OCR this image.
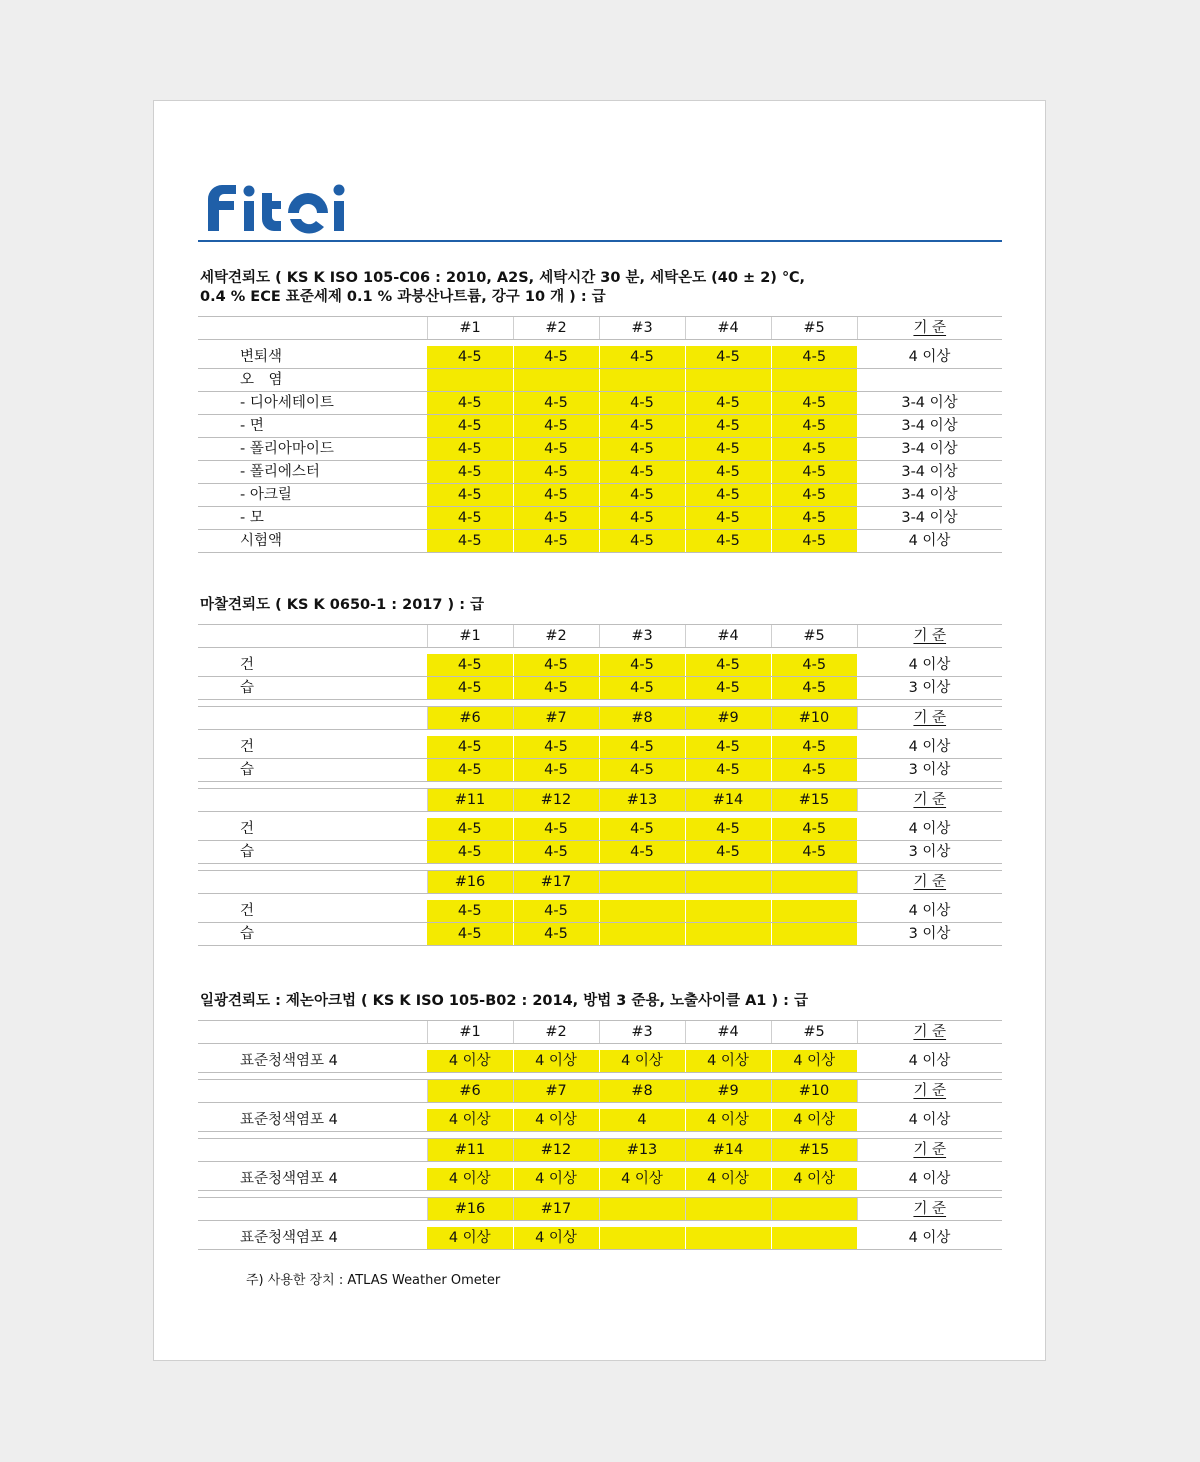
세탁견뢰도 ( KS K ISO 105-C06 : 2010, A2S, 세탁시간 30 분, 세탁온도 (40 ± 2) ℃,
0.4 % ECE 표준세제 0.1 % 과붕산나트륨, 강구 10 개 ) : 급
	#1	#2	#3	#4	#5	기 준

변퇴색	4-5	4-5	4-5	4-5	4-5	4 이상
오　염						
- 디아세테이트	4-5	4-5	4-5	4-5	4-5	3-4 이상
- 면	4-5	4-5	4-5	4-5	4-5	3-4 이상
- 폴리아마이드	4-5	4-5	4-5	4-5	4-5	3-4 이상
- 폴리에스터	4-5	4-5	4-5	4-5	4-5	3-4 이상
- 아크릴	4-5	4-5	4-5	4-5	4-5	3-4 이상
- 모	4-5	4-5	4-5	4-5	4-5	3-4 이상
시험액	4-5	4-5	4-5	4-5	4-5	4 이상
마찰견뢰도 ( KS K 0650-1 : 2017 ) : 급
	#1	#2	#3	#4	#5	기 준

건	4-5	4-5	4-5	4-5	4-5	4 이상
습	4-5	4-5	4-5	4-5	4-5	3 이상

	#6	#7	#8	#9	#10	기 준

건	4-5	4-5	4-5	4-5	4-5	4 이상
습	4-5	4-5	4-5	4-5	4-5	3 이상

	#11	#12	#13	#14	#15	기 준

건	4-5	4-5	4-5	4-5	4-5	4 이상
습	4-5	4-5	4-5	4-5	4-5	3 이상

	#16	#17				기 준

건	4-5	4-5				4 이상
습	4-5	4-5				3 이상
일광견뢰도 : 제논아크법 ( KS K ISO 105-B02 : 2014, 방법 3 준용, 노출사이클 A1 ) : 급
	#1	#2	#3	#4	#5	기 준

표준청색염포 4	4 이상	4 이상	4 이상	4 이상	4 이상	4 이상

	#6	#7	#8	#9	#10	기 준

표준청색염포 4	4 이상	4 이상	4	4 이상	4 이상	4 이상

	#11	#12	#13	#14	#15	기 준

표준청색염포 4	4 이상	4 이상	4 이상	4 이상	4 이상	4 이상

	#16	#17				기 준

표준청색염포 4	4 이상	4 이상				4 이상
주) 사용한 장치 : ATLAS Weather Ometer
